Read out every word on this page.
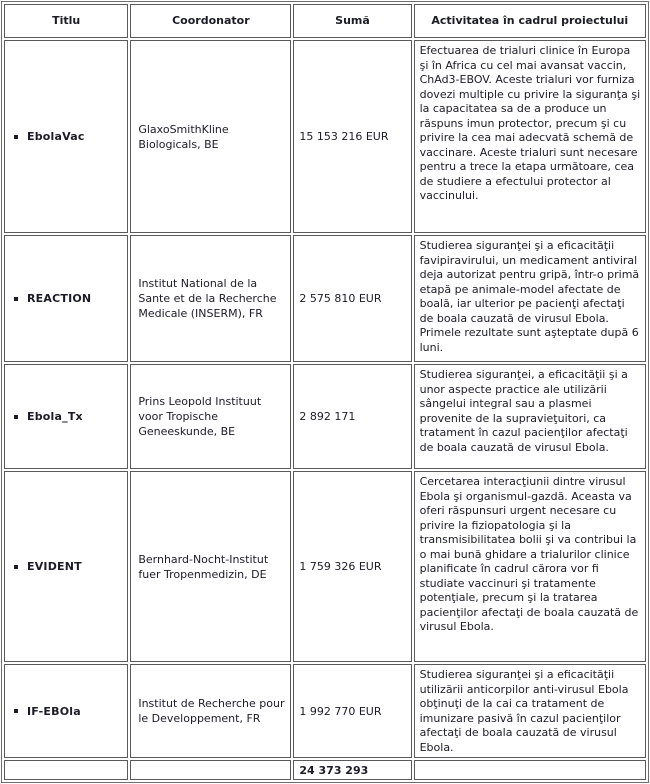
Titlu	Coordonator	Sumă	Activitatea în cadrul proiectului
EbolaVac	GlaxoSmithKline Biologicals, BE	15 153 216 EUR	Efectuarea de trialuri clinice în Europa şi în Africa cu cel mai avansat vaccin, ChAd3-EBOV. Aceste trialuri vor furniza dovezi multiple cu privire la siguranţa şi la capacitatea sa de a produce un răspuns imun protector, precum şi cu privire la cea mai adecvată schemă de vaccinare. Aceste trialuri sunt necesare pentru a trece la etapa următoare, cea de studiere a efectului protector al vaccinului.
REACTION	Institut National de la Sante et de la Recherche Medicale (INSERM), FR	2 575 810 EUR	Studierea siguranţei şi a eficacităţii favipiravirului, un medicament antiviral deja autorizat pentru gripă, într-o primă etapă pe animale-model afectate de boală, iar ulterior pe pacienţi afectaţi de boala cauzată de virusul Ebola. Primele rezultate sunt aşteptate după 6 luni.
Ebola_Tx	Prins Leopold Instituut voor Tropische Geneeskunde, BE	2 892 171	Studierea siguranţei, a eficacităţii şi a unor aspecte practice ale utilizării sângelui integral sau a plasmei provenite de la supravieţuitori, ca tratament în cazul pacienţilor afectaţi de boala cauzată de virusul Ebola.
EVIDENT	Bernhard-Nocht-Institut fuer Tropenmedizin, DE	1 759 326 EUR	Cercetarea interacţiunii dintre virusul Ebola şi organismul-gazdă. Aceasta va oferi răspunsuri urgent necesare cu privire la fiziopatologia şi la transmisibilitatea bolii şi va contribui la o mai bună ghidare a trialurilor clinice planificate în cadrul cărora vor fi studiate vaccinuri şi tratamente potenţiale, precum şi la tratarea pacienţilor afectaţi de boala cauzată de virusul Ebola.
IF-EBOla	Institut de Recherche pour le Developpement, FR	1 992 770 EUR	Studierea siguranţei şi a eficacităţii utilizării anticorpilor anti-virusul Ebola obţinuţi de la cai ca tratament de imunizare pasivă în cazul pacienţilor afectaţi de boala cauzată de virusul Ebola.
		24 373 293	
